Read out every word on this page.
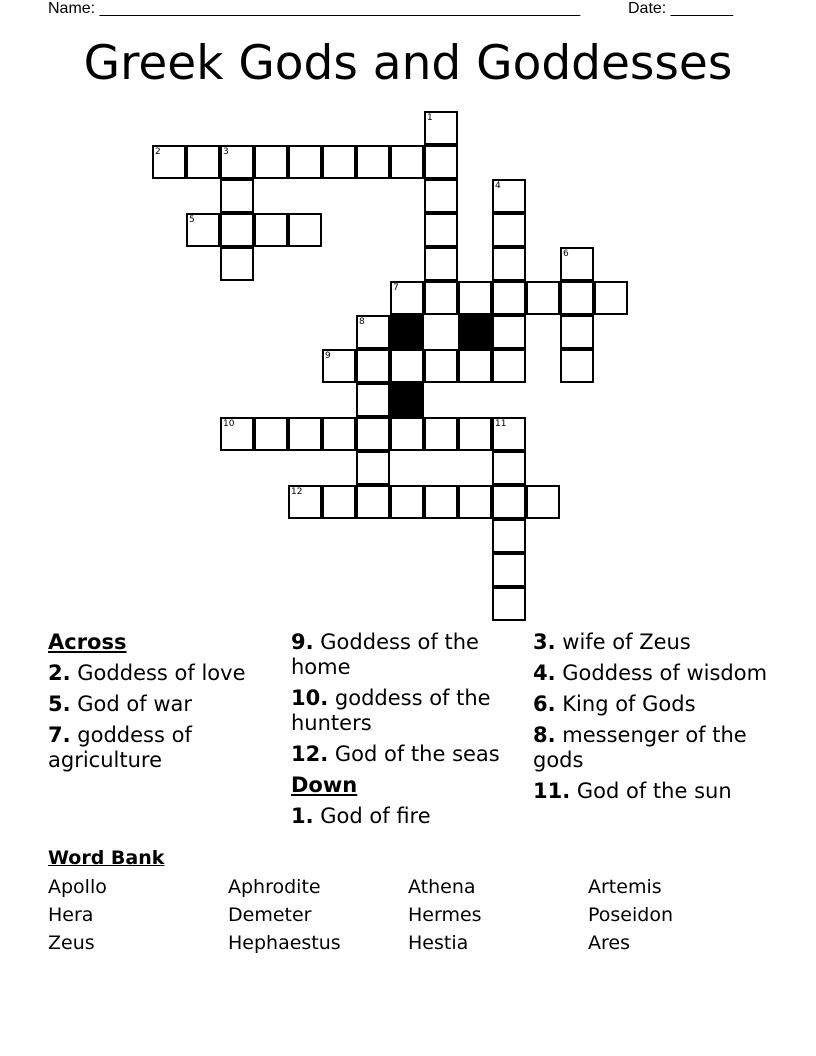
Name: ______________________________________________________	Date: _______
Greek Gods and Goddesses
2	3
5
7
9
10
12
1
4
6
8
11
Across
2. Goddess of love
5. God of war
7. goddess of agriculture
9. Goddess of the home
10. goddess of the hunters
12. God of the seas
Down
1. God of fire
3. wife of Zeus
4. Goddess of wisdom
6. King of Gods
8. messenger of the gods
11. God of the sun
Word Bank
Apollo	Aphrodite	Athena	Artemis
Hera	Demeter	Hermes	Poseidon
Zeus	Hephaestus	Hestia	Ares
